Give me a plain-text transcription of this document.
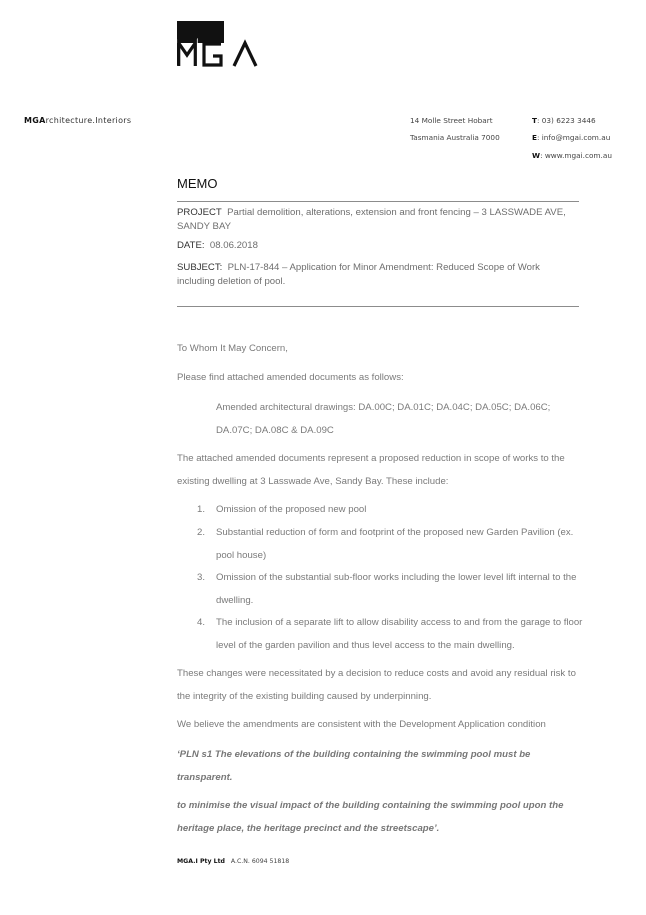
MGArchitecture.Interiors	14 Molle Street Hobart
Tasmania Australia 7000
T: 03) 6223 3446
E: info@mgai.com.au
W: www.mgai.com.au
MEMO
PROJECT Partial demolition, alterations, extension and front fencing – 3 LASSWADE AVE, SANDY BAY
DATE: 08.06.2018
SUBJECT: PLN-17-844 – Application for Minor Amendment: Reduced Scope of Work including deletion of pool.
To Whom It May Concern,
Please find attached amended documents as follows:
Amended architectural drawings: DA.00C; DA.01C; DA.04C; DA.05C; DA.06C; DA.07C; DA.08C & DA.09C
The attached amended documents represent a proposed reduction in scope of works to the existing dwelling at 3 Lasswade Ave, Sandy Bay. These include:
1. Omission of the proposed new pool
2. Substantial reduction of form and footprint of the proposed new Garden Pavilion (ex. pool house)
3. Omission of the substantial sub-floor works including the lower level lift internal to the dwelling.
4. The inclusion of a separate lift to allow disability access to and from the garage to floor level of the garden pavilion and thus level access to the main dwelling.
These changes were necessitated by a decision to reduce costs and avoid any residual risk to the integrity of the existing building caused by underpinning.
We believe the amendments are consistent with the Development Application condition
‘PLN s1 The elevations of the building containing the swimming pool must be transparent.
to minimise the visual impact of the building containing the swimming pool upon the heritage place, the heritage precinct and the streetscape’.
MGA.I Pty Ltd A.C.N. 6094 51818
